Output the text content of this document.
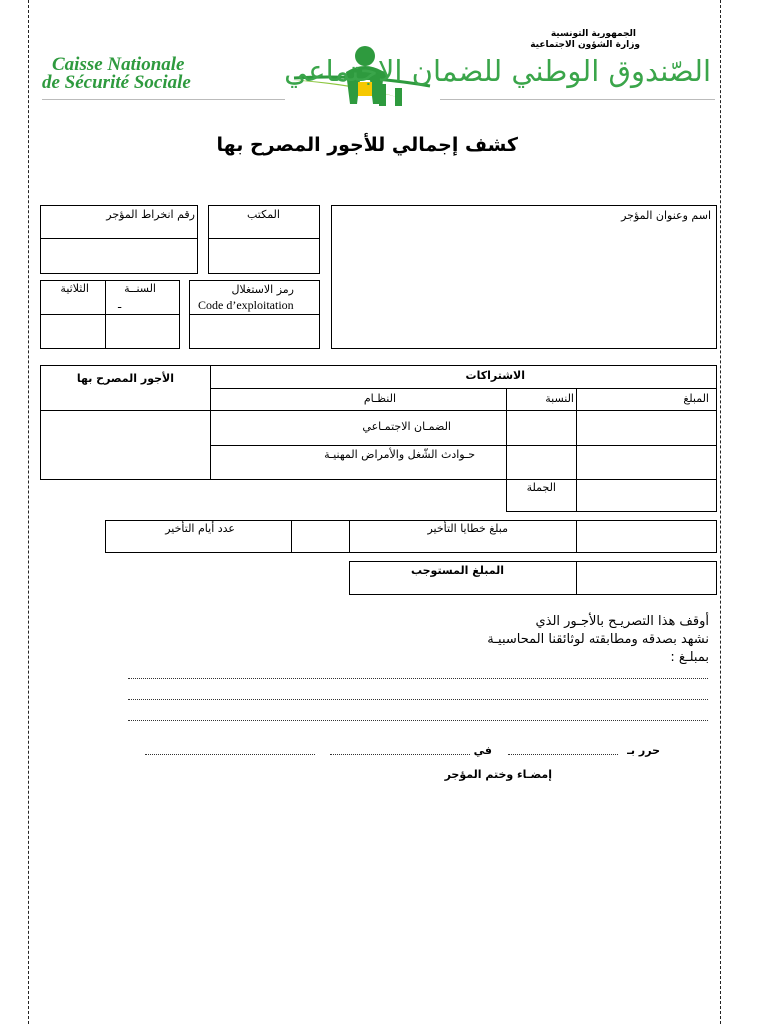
Caisse Nationale
de Sécurité Sociale
الجمهورية التونسية
وزارة الشؤون الاجتماعية
الصّندوق الوطني للضمان الاجتماعي
كشف إجمالي للأجور المصرح بها
اسم وعنوان المؤجر
المكتب
رقم انخراط المؤجر
رمز الاستغلال
Code d’exploitation
الثلاثية	السنــة
ـ
الأجور المصرح بها	الاشتراكات
النظـام	النسبة	المبلغ
الضمـان الاجتمـاعي
حـوادث الشّغل والأمراض المهنيـة
الجملة
عدد أيام التأخير	مبلغ خطايا التأخير
المبلغ المستوجب
أوقف هذا التصريـح بالأجـور الذي
نشهد بصدقه ومطابقته لوثائقنا المحاسبيـة
بمبلـغ :
حرر بـ
في
إمضـاء وختم المؤجر
